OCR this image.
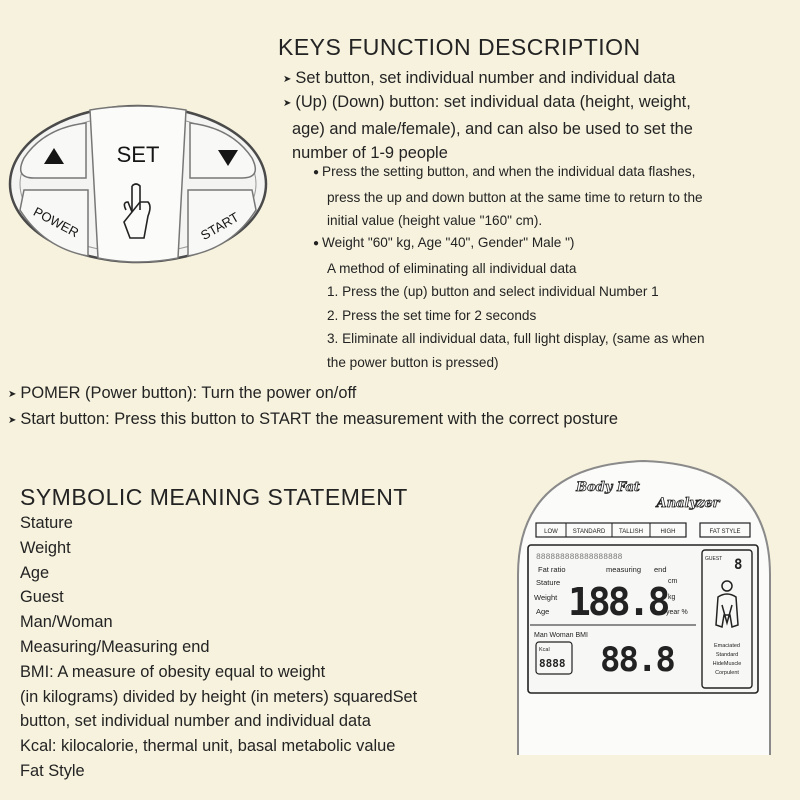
SET
POWER	START
KEYS FUNCTION DESCRIPTION
➤ Set button, set individual number and individual data
➤ (Up) (Down) button: set individual data (height, weight,
age) and male/female), and can also be used to set the
number of 1-9 people
● Press the setting button, and when the individual data flashes,
press the up and down button at the same time to return to the
initial value (height value "160" cm).
● Weight "60" kg, Age "40", Gender" Male ")
A method of eliminating all individual data
1. Press the (up) button and select individual Number 1
2. Press the set time for 2 seconds
3. Eliminate all individual data, full light display, (same as when
the power button is pressed)
➤ POMER (Power button): Turn the power on/off
➤ Start button: Press this button to START the measurement with the correct posture
SYMBOLIC MEANING STATEMENT
Stature
Weight
Age
Guest
Man/Woman
Measuring/Measuring end
BMI: A measure of obesity equal to weight
(in kilograms) divided by height (in meters) squaredSet
button, set individual number and individual data
Kcal: kilocalorie, thermal unit, basal metabolic value
Fat Style
Body Fat
Analyzer
LOW STANDARD TALLISH	HIGH	FAT STYLE
888888888888888888
Fat ratio	measuring end
Stature
Weight
Age 188.8 cm
kg
year %
Man Woman BMI
Kcal
8888 88.8
GUEST 8
Emaciated
Standard
HideMuscle
Corpulent
